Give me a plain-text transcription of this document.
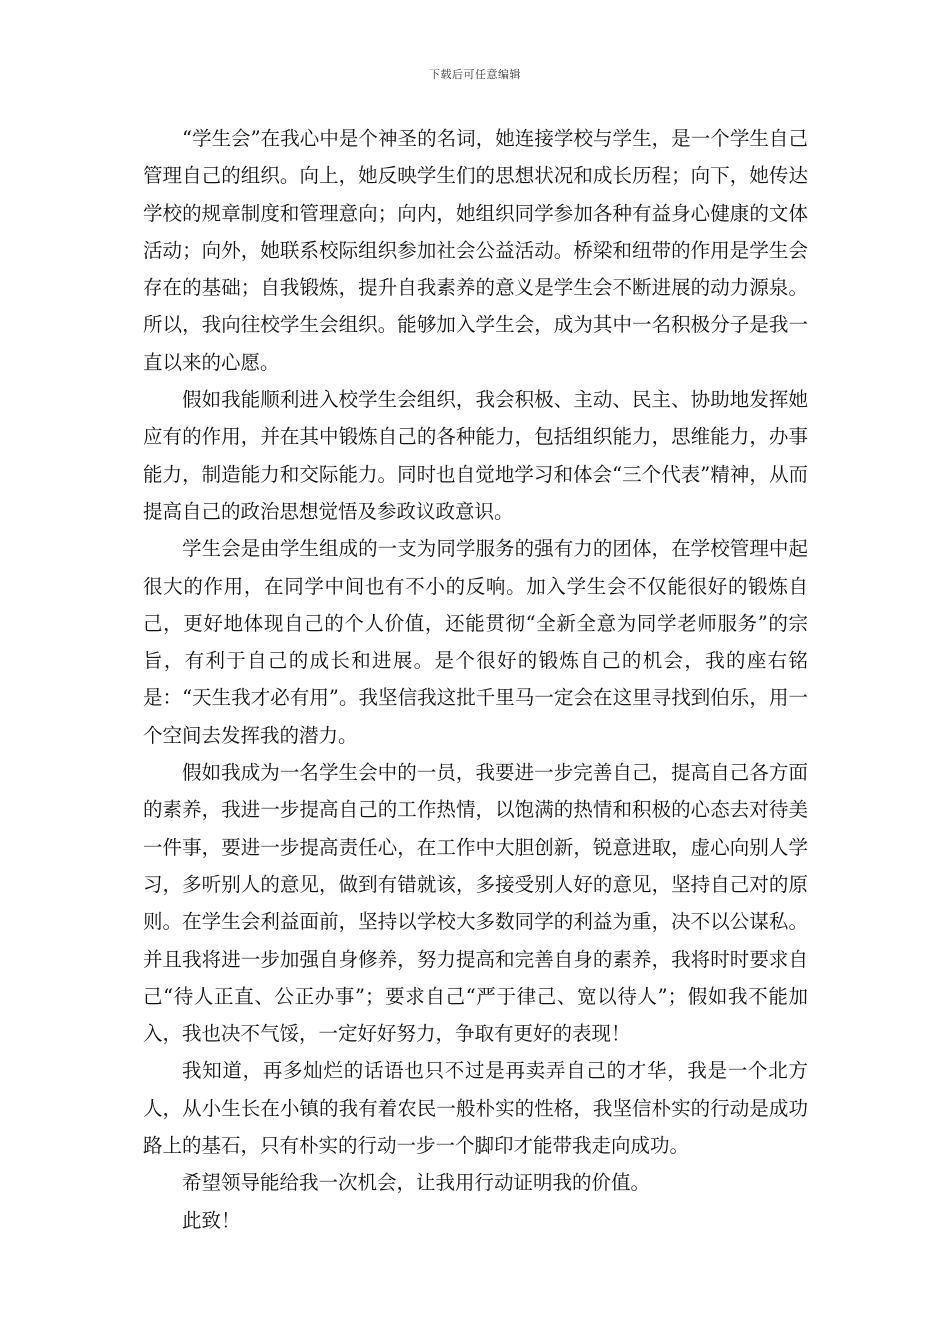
下载后可任意编辑

“学生会”在我心中是个神圣的名词，她连接学校与学生，是一个学生自己管理自己的组织。向上，她反映学生们的思想状况和成长历程；向下，她传达学校的规章制度和管理意向；向内，她组织同学参加各种有益身心健康的文体活动；向外，她联系校际组织参加社会公益活动。桥梁和纽带的作用是学生会存在的基础；自我锻炼，提升自我素养的意义是学生会不断进展的动力源泉。所以，我向往校学生会组织。能够加入学生会，成为其中一名积极分子是我一直以来的心愿。

假如我能顺利进入校学生会组织，我会积极、主动、民主、协助地发挥她应有的作用，并在其中锻炼自己的各种能力，包括组织能力，思维能力，办事能力，制造能力和交际能力。同时也自觉地学习和体会“三个代表”精神，从而提高自己的政治思想觉悟及参政议政意识。

学生会是由学生组成的一支为同学服务的强有力的团体，在学校管理中起很大的作用，在同学中间也有不小的反响。加入学生会不仅能很好的锻炼自己，更好地体现自己的个人价值，还能贯彻“全新全意为同学老师服务”的宗旨，有利于自己的成长和进展。是个很好的锻炼自己的机会，我的座右铭是：“天生我才必有用”。我坚信我这批千里马一定会在这里寻找到伯乐，用一个空间去发挥我的潜力。

假如我成为一名学生会中的一员，我要进一步完善自己，提高自己各方面的素养，我进一步提高自己的工作热情，以饱满的热情和积极的心态去对待美一件事，要进一步提高责任心，在工作中大胆创新，锐意进取，虚心向别人学习，多听别人的意见，做到有错就该，多接受别人好的意见，坚持自己对的原则。在学生会利益面前，坚持以学校大多数同学的利益为重，决不以公谋私。并且我将进一步加强自身修养，努力提高和完善自身的素养，我将时时要求自己“待人正直、公正办事”；要求自己“严于律己、宽以待人”；假如我不能加入，我也决不气馁，一定好好努力，争取有更好的表现！

我知道，再多灿烂的话语也只不过是再卖弄自己的才华，我是一个北方人，从小生长在小镇的我有着农民一般朴实的性格，我坚信朴实的行动是成功路上的基石，只有朴实的行动一步一个脚印才能带我走向成功。

希望领导能给我一次机会，让我用行动证明我的价值。

此致！
